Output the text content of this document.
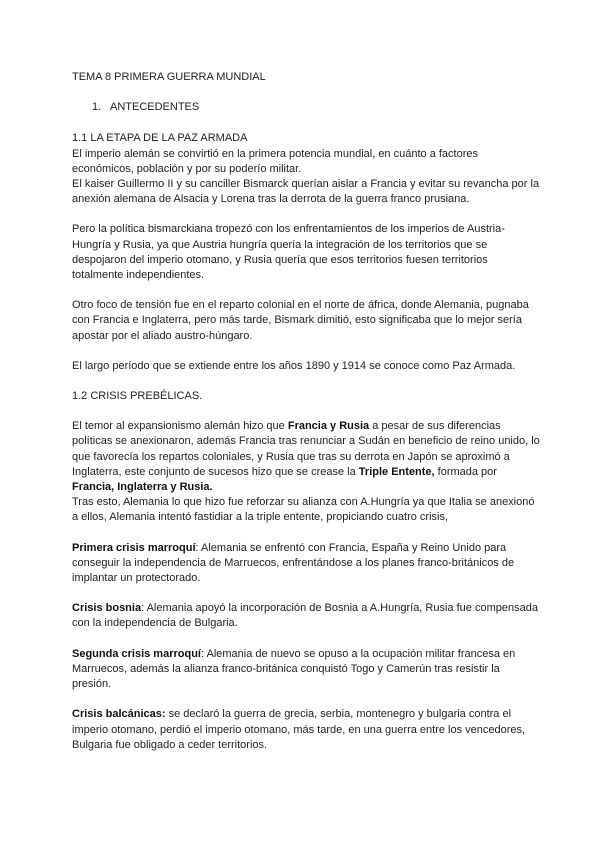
TEMA 8 PRIMERA GUERRA MUNDIAL

1. ANTECEDENTES

1.1 LA ETAPA DE LA PAZ ARMADA

El imperio alemán se convirtió en la primera potencia mundial, en cuánto a factores económicos, población y por su poderío militar.

El kaiser Guillermo II y su canciller Bismarck querían aislar a Francia y evitar su revancha por la anexión alemana de Alsacia y Lorena tras la derrota de la guerra franco prusiana.

Pero la política bismarckiana tropezó con los enfrentamientos de los imperios de Austria-Hungría y Rusia, ya que Austria hungría quería la integración de los territorios que se despojaron del imperio otomano, y Rusia quería que esos territorios fuesen territorios totalmente independientes.

Otro foco de tensión fue en el reparto colonial en el norte de áfrica, donde Alemania, pugnaba con Francia e Inglaterra, pero más tarde, Bismark dimitió, esto significaba que lo mejor sería apostar por el aliado austro-húngaro.

El largo período que se extiende entre los años 1890 y 1914 se conoce como Paz Armada.

1.2 CRISIS PREBÉLICAS.

El temor al expansionismo alemán hizo que Francia y Rusia a pesar de sus diferencias políticas se anexionaron, además Francia tras renunciar a Sudán en beneficio de reino unido, lo que favorecía los repartos coloniales, y Rusia que tras su derrota en Japón se aproximó a Inglaterra, este conjunto de sucesos hizo que se crease la Triple Entente, formada por Francia, Inglaterra y Rusia.

Tras esto, Alemania lo que hizo fue reforzar su alianza con A.Hungría ya que Italia se anexionó a ellos, Alemania intentó fastidiar a la triple entente, propiciando cuatro crisis,

Primera crisis marroquí: Alemania se enfrentó con Francia, España y Reino Unido para conseguir la independencia de Marruecos, enfrentándose a los planes franco-británicos de implantar un protectorado.

Crisis bosnia: Alemania apoyó la incorporación de Bosnia a A.Hungría, Rusia fue compensada con la independencia de Bulgaria.

Segunda crisis marroquí: Alemania de nuevo se opuso a la ocupación militar francesa en Marruecos, además la alianza franco-británica conquistó Togo y Camerún tras resistir la presión.

Crisis balcánicas: se declaró la guerra de grecia, serbia, montenegro y bulgaria contra el imperio otomano, perdió el imperio otomano, más tarde, en una guerra entre los vencedores, Bulgaria fue obligado a ceder territorios.
